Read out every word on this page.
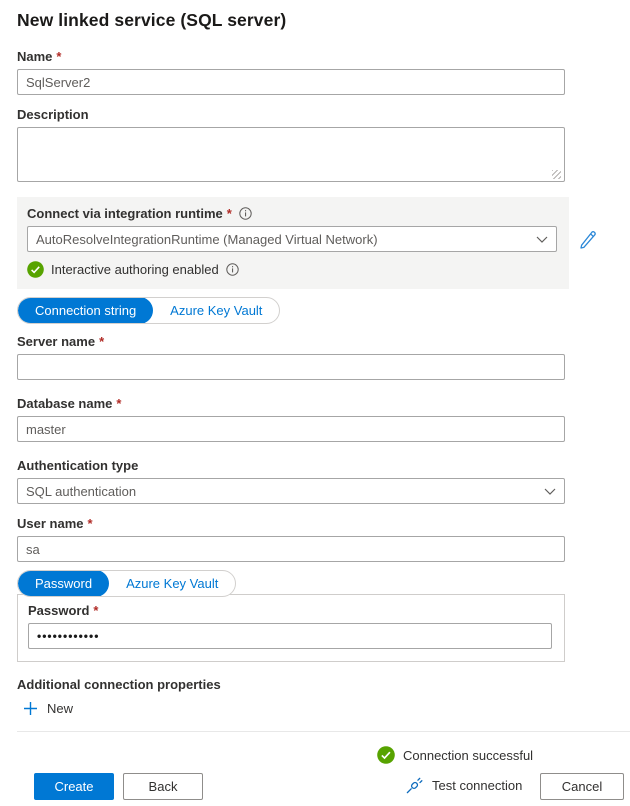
New linked service (SQL server)
Name *
SqlServer2
Description
Connect via integration runtime *
AutoResolveIntegrationRuntime (Managed Virtual Network)
Interactive authoring enabled
Connection string	Azure Key Vault
Server name *
Database name *
master
Authentication type
SQL authentication
User name *
sa
Password	Azure Key Vault
Password *
••••••••••••
Additional connection properties
New
Connection successful
Create	Back	Test connection	Cancel
